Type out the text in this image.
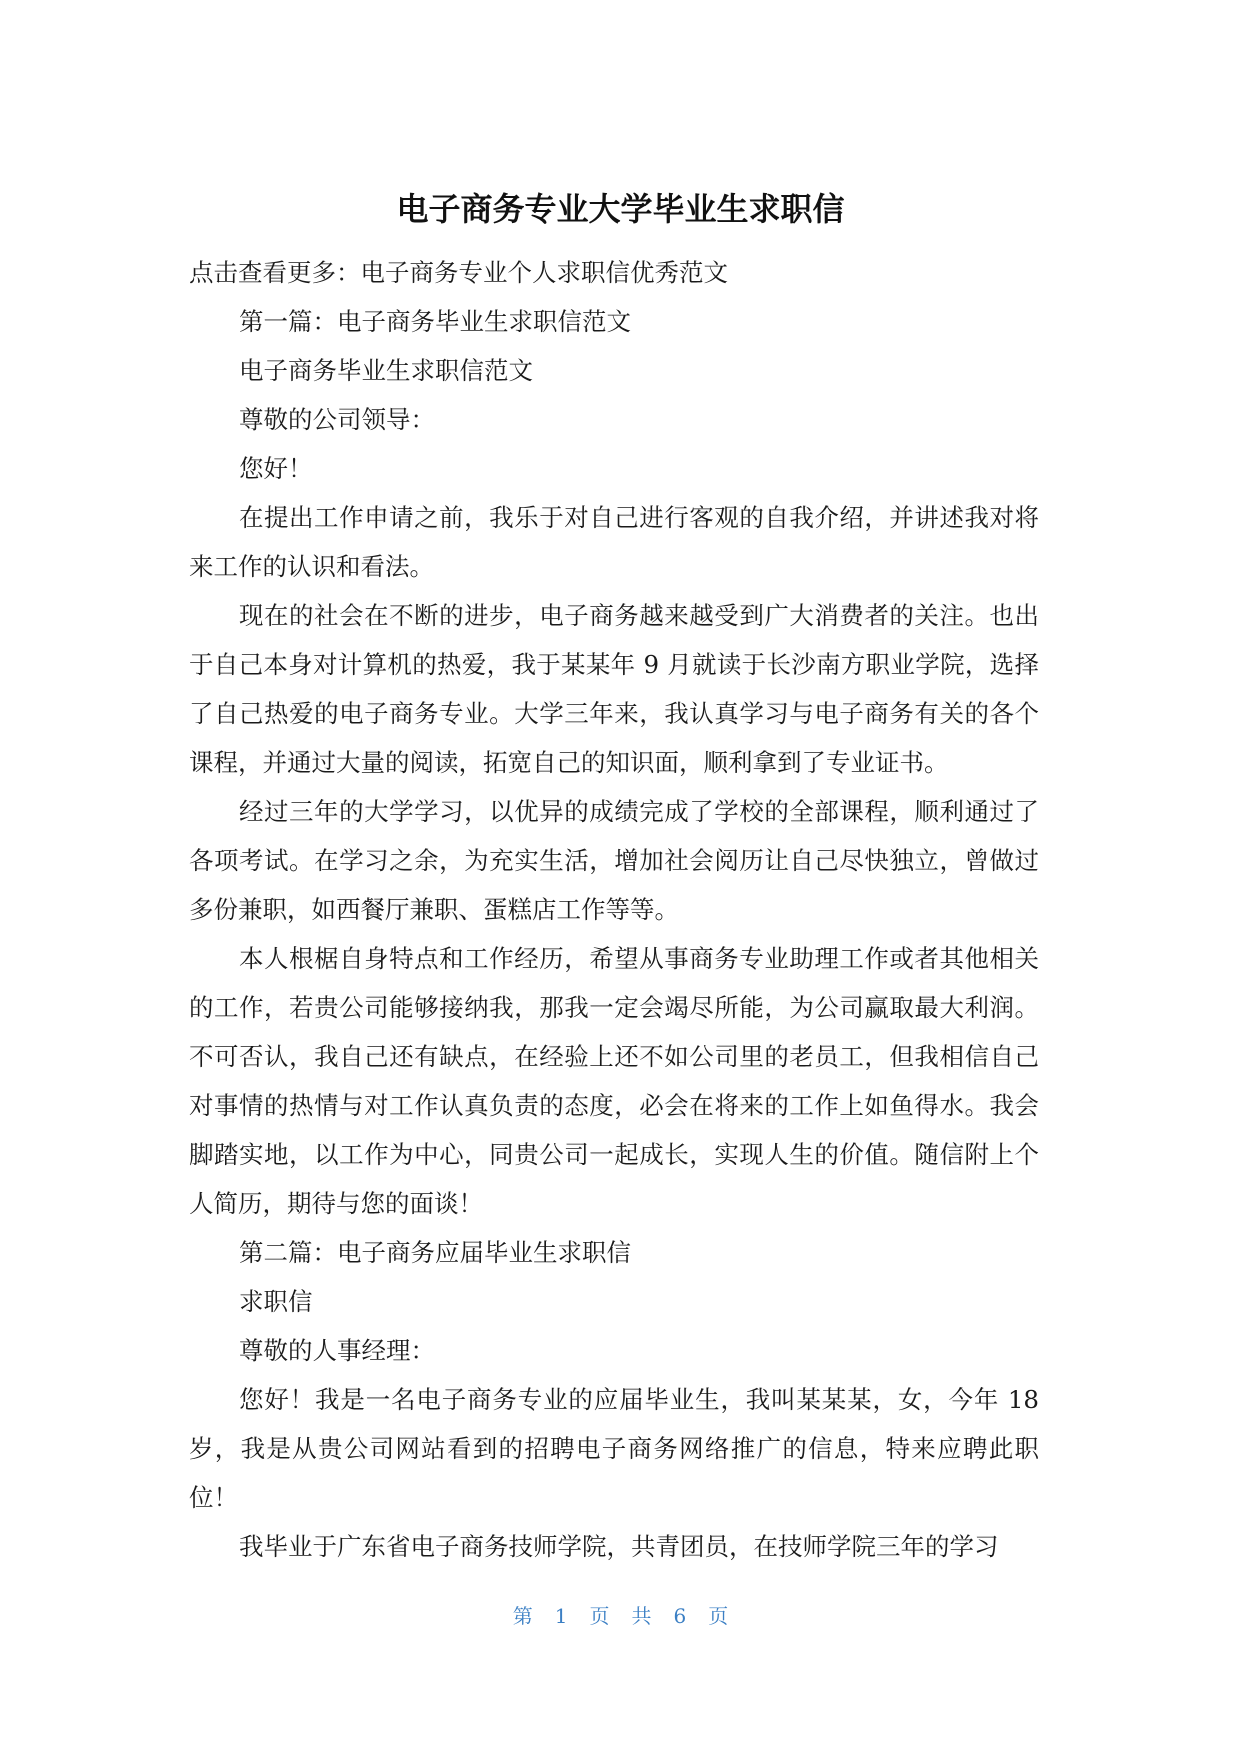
电子商务专业大学毕业生求职信

点击查看更多：电子商务专业个人求职信优秀范文

第一篇：电子商务毕业生求职信范文

电子商务毕业生求职信范文

尊敬的公司领导：

您好！

在提出工作申请之前，我乐于对自己进行客观的自我介绍，并讲述我对将来工作的认识和看法。

现在的社会在不断的进步，电子商务越来越受到广大消费者的关注。也出于自己本身对计算机的热爱，我于某某年 9 月就读于长沙南方职业学院，选择了自己热爱的电子商务专业。大学三年来，我认真学习与电子商务有关的各个课程，并通过大量的阅读，拓宽自己的知识面，顺利拿到了专业证书。

经过三年的大学学习，以优异的成绩完成了学校的全部课程，顺利通过了各项考试。在学习之余，为充实生活，增加社会阅历让自己尽快独立，曾做过多份兼职，如西餐厅兼职、蛋糕店工作等等。

本人根椐自身特点和工作经历，希望从事商务专业助理工作或者其他相关的工作，若贵公司能够接纳我，那我一定会竭尽所能，为公司赢取最大利润。不可否认，我自己还有缺点，在经验上还不如公司里的老员工，但我相信自己对事情的热情与对工作认真负责的态度，必会在将来的工作上如鱼得水。我会脚踏实地，以工作为中心，同贵公司一起成长，实现人生的价值。随信附上个人简历，期待与您的面谈！

第二篇：电子商务应届毕业生求职信

求职信

尊敬的人事经理：

您好！我是一名电子商务专业的应届毕业生，我叫某某某，女，今年 18 岁，我是从贵公司网站看到的招聘电子商务网络推广的信息，特来应聘此职位！

我毕业于广东省电子商务技师学院，共青团员，在技师学院三年的学习

第 1 页 共 6 页
